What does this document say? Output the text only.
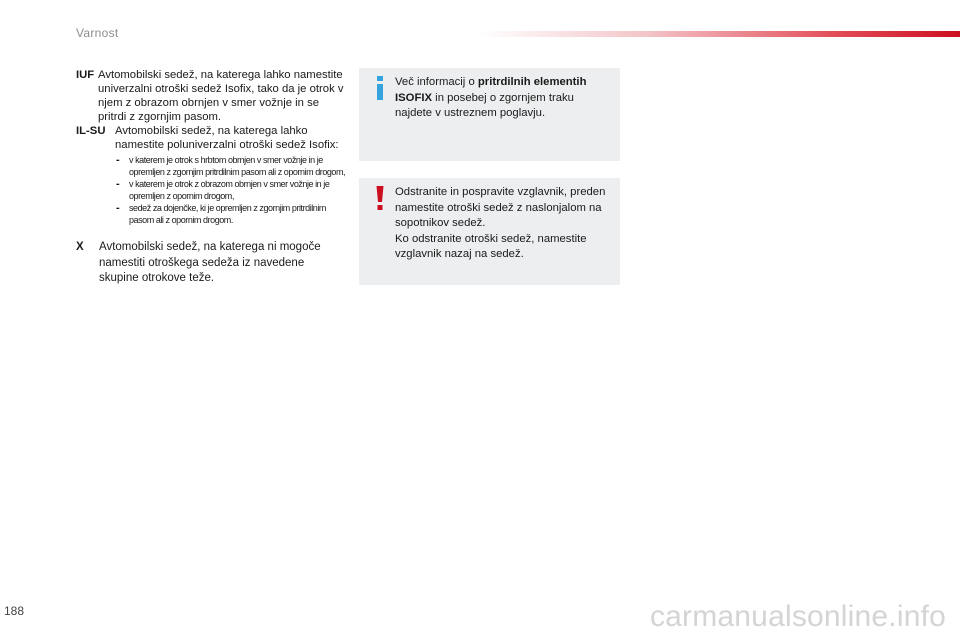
Varnost
IUF Avtomobilski sedež, na katerega lahko namestite univerzalni otroški sedež Isofix, tako da je otrok v njem z obrazom obrnjen v smer vožnje in se pritrdi z zgornjim pasom.
IL-SU Avtomobilski sedež, na katerega lahko namestite poluniverzalni otroški sedež Isofix:
- v katerem je otrok s hrbtom obrnjen v smer vožnje in je opremljen z zgornjim pritrdilnim pasom ali z opornim drogom,
- v katerem je otrok z obrazom obrnjen v smer vožnje in je opremljen z opornim drogom,
- sedež za dojenčke, ki je opremljen z zgornjim pritrdilnim pasom ali z opornim drogom.
X	Avtomobilski sedež, na katerega ni mogoče namestiti otroškega sedeža iz navedene skupine otrokove teže.
Več informacij o pritrdilnih elementih ISOFIX in posebej o zgornjem traku najdete v ustreznem poglavju.
Odstranite in pospravite vzglavnik, preden namestite otroški sedež z naslonjalom na sopotnikov sedež.
Ko odstranite otroški sedež, namestite vzglavnik nazaj na sedež.
188	carmanualsonline.info
